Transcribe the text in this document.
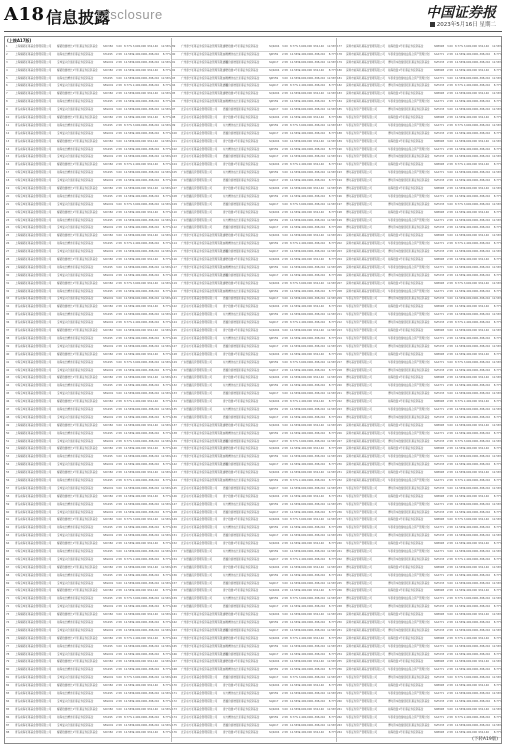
A18 信息披露
Disclosure	中国证券报
2023年5月16日 星期二
(上接A17版)
1	上海耀韬私募基金管理有限公司	耀韬稳健增长1号私募证券投资基金	SXC382	3.00 8.77% 3,600,000 932,140	12.56%
2	上海耀韬私募基金管理有限公司	前海成长精选私募证券投资基金	STL095	2.58 12.56%
2,400,000 1,398,210	8.77%
3	上海耀韬私募基金管理有限公司	宝城复兴价值私募证券投资基金	SEG001	2.58 12.56%
3,600,000 1,398,210 12.56%
4	上海耀韬私募基金管理有限公司	耀韬稳健增长1号私募证券投资基金	SXC382	2.58 12.56%
2,400,000 932,140	8.77%
5	上海耀韬私募基金管理有限公司	前海成长精选私募证券投资基金	STL095	3.00 12.56%
3,600,000 1,398,210 12.56%
6	上海耀韬私募基金管理有限公司	宝城复兴价值私募证券投资基金	SEG001	2.58 8.77% 2,400,000 1,398,210	8.77%
7	上海耀韬私募基金管理有限公司	耀韬稳健增长1号私募证券投资基金	SXC382	2.58 12.56%
3,600,000 932,140	12.56%
8	上海耀韬私募基金管理有限公司	前海成长精选私募证券投资基金	STL095	2.58 12.56%
2,400,000 1,398,210	8.77%
9	青岛前海私募基金管理有限公司	宝城复兴价值私募证券投资基金	SEG001	3.00 12.56%
3,600,000 1,398,210 12.56%
10	青岛前海私募基金管理有限公司	耀韬稳健增长1号私募证券投资基金	SXC382	2.58 12.56%
2,400,000 932,140	8.77%
11	青岛前海私募基金管理有限公司	前海成长精选私募证券投资基金	STL095	2.58 8.77% 3,600,000 1,398,210 12.56%
12	青岛前海私募基金管理有限公司	宝城复兴价值私募证券投资基金	SEG001	2.58 12.56%
2,400,000 1,398,210	8.77%
13	青岛前海私募基金管理有限公司	耀韬稳健增长1号私募证券投资基金	SXC382	3.00 12.56%
3,600,000 932,140	12.56%
14	青岛前海私募基金管理有限公司	前海成长精选私募证券投资基金	STL095	2.58 12.56%
2,400,000 1,398,210	8.77%
15	青岛前海私募基金管理有限公司	宝城复兴价值私募证券投资基金	SEG001	2.58 12.56%
3,600,000 1,398,210 12.56%
16	青岛前海私募基金管理有限公司	耀韬稳健增长1号私募证券投资基金	SXC382	2.58 8.77% 2,400,000 932,140	8.77%
17	中海宝城私募基金管理有限公司	前海成长精选私募证券投资基金	STL095	3.00 12.56%
3,600,000 1,398,210 12.56%
18	中海宝城私募基金管理有限公司	宝城复兴价值私募证券投资基金	SEG001	2.58 12.56%
2,400,000 1,398,210	8.77%
19	中海宝城私募基金管理有限公司	耀韬稳健增长1号私募证券投资基金	SXC382	2.58 12.56%
3,600,000 932,140	12.56%
20	中海宝城私募基金管理有限公司	前海成长精选私募证券投资基金	STL095	2.58 12.56%
2,400,000 1,398,210	8.77%
21	中海宝城私募基金管理有限公司	宝城复兴价值私募证券投资基金	SEG001	3.00 8.77% 3,600,000 1,398,210 12.56%
22	中海宝城私募基金管理有限公司	耀韬稳健增长1号私募证券投资基金	SXC382	2.58 12.56%
2,400,000 932,140	8.77%
23	中海宝城私募基金管理有限公司	前海成长精选私募证券投资基金	STL095	2.58 12.56%
3,600,000 1,398,210 12.56%
24	中海宝城私募基金管理有限公司	宝城复兴价值私募证券投资基金	SEG001	2.58 12.56%
2,400,000 1,398,210	8.77%
25	上海耀韬私募基金管理有限公司	耀韬稳健增长1号私募证券投资基金	SXC382	3.00 12.56%
3,600,000 932,140	12.56%
26	上海耀韬私募基金管理有限公司	前海成长精选私募证券投资基金	STL095	2.58 8.77% 2,400,000 1,398,210	8.77%
27	上海耀韬私募基金管理有限公司	宝城复兴价值私募证券投资基金	SEG001	2.58 12.56%
3,600,000 1,398,210 12.56%
28	上海耀韬私募基金管理有限公司	耀韬稳健增长1号私募证券投资基金	SXC382	2.58 12.56%
2,400,000 932,140	8.77%
29	上海耀韬私募基金管理有限公司	前海成长精选私募证券投资基金	STL095	3.00 12.56%
3,600,000 1,398,210 12.56%
30	上海耀韬私募基金管理有限公司	宝城复兴价值私募证券投资基金	SEG001	2.58 12.56%
2,400,000 1,398,210	8.77%
31	上海耀韬私募基金管理有限公司	耀韬稳健增长1号私募证券投资基金	SXC382	2.58 8.77% 3,600,000 932,140	12.56%
32	上海耀韬私募基金管理有限公司	前海成长精选私募证券投资基金	STL095	2.58 12.56%
2,400,000 1,398,210	8.77%
33	青岛前海私募基金管理有限公司	宝城复兴价值私募证券投资基金	SEG001	3.00 12.56%
3,600,000 1,398,210 12.56%
34	青岛前海私募基金管理有限公司	耀韬稳健增长1号私募证券投资基金	SXC382	2.58 12.56%
2,400,000 932,140	8.77%
35	青岛前海私募基金管理有限公司	前海成长精选私募证券投资基金	STL095	2.58 12.56%
3,600,000 1,398,210 12.56%
36	青岛前海私募基金管理有限公司	宝城复兴价值私募证券投资基金	SEG001	2.58 8.77% 2,400,000 1,398,210	8.77%
37	青岛前海私募基金管理有限公司	耀韬稳健增长1号私募证券投资基金	SXC382	3.00 12.56%
3,600,000 932,140	12.56%
38	青岛前海私募基金管理有限公司	前海成长精选私募证券投资基金	STL095	2.58 12.56%
2,400,000 1,398,210	8.77%
39	青岛前海私募基金管理有限公司	宝城复兴价值私募证券投资基金	SEG001	2.58 12.56%
3,600,000 1,398,210 12.56%
40	青岛前海私募基金管理有限公司	耀韬稳健增长1号私募证券投资基金	SXC382	2.58 12.56%
2,400,000 932,140	8.77%
41	中海宝城私募基金管理有限公司	前海成长精选私募证券投资基金	STL095	3.00 8.77% 3,600,000 1,398,210 12.56%
42	中海宝城私募基金管理有限公司	宝城复兴价值私募证券投资基金	SEG001	2.58 12.56%
2,400,000 1,398,210	8.77%
43	中海宝城私募基金管理有限公司	耀韬稳健增长1号私募证券投资基金	SXC382	2.58 12.56%
3,600,000 932,140	12.56%
44	中海宝城私募基金管理有限公司	前海成长精选私募证券投资基金	STL095	2.58 12.56%
2,400,000 1,398,210	8.77%
45	中海宝城私募基金管理有限公司	宝城复兴价值私募证券投资基金	SEG001	3.00 12.56%
3,600,000 1,398,210 12.56%
46	中海宝城私募基金管理有限公司	耀韬稳健增长1号私募证券投资基金	SXC382	2.58 8.77% 2,400,000 932,140	8.77%
47	中海宝城私募基金管理有限公司	前海成长精选私募证券投资基金	STL095	2.58 12.56%
3,600,000 1,398,210 12.56%
48	中海宝城私募基金管理有限公司	宝城复兴价值私募证券投资基金	SEG001	2.58 12.56%
2,400,000 1,398,210	8.77%
49	上海耀韬私募基金管理有限公司	耀韬稳健增长1号私募证券投资基金	SXC382	3.00 12.56%
3,600,000 932,140	12.56%
50	上海耀韬私募基金管理有限公司	前海成长精选私募证券投资基金	STL095	2.58 12.56%
2,400,000 1,398,210	8.77%
51	上海耀韬私募基金管理有限公司	宝城复兴价值私募证券投资基金	SEG001	2.58 8.77% 3,600,000 1,398,210 12.56%
52	上海耀韬私募基金管理有限公司	耀韬稳健增长1号私募证券投资基金	SXC382	2.58 12.56%
2,400,000 932,140	8.77%
53	上海耀韬私募基金管理有限公司	前海成长精选私募证券投资基金	STL095	3.00 12.56%
3,600,000 1,398,210 12.56%
54	上海耀韬私募基金管理有限公司	宝城复兴价值私募证券投资基金	SEG001	2.58 12.56%
2,400,000 1,398,210	8.77%
55	上海耀韬私募基金管理有限公司	耀韬稳健增长1号私募证券投资基金	SXC382	2.58 12.56%
3,600,000 932,140	12.56%
56	上海耀韬私募基金管理有限公司	前海成长精选私募证券投资基金	STL095	2.58 8.77% 2,400,000 1,398,210	8.77%
57	青岛前海私募基金管理有限公司	宝城复兴价值私募证券投资基金	SEG001	3.00 12.56%
3,600,000 1,398,210 12.56%
58	青岛前海私募基金管理有限公司	耀韬稳健增长1号私募证券投资基金	SXC382	2.58 12.56%
2,400,000 932,140	8.77%
59	青岛前海私募基金管理有限公司	前海成长精选私募证券投资基金	STL095	2.58 12.56%
3,600,000 1,398,210 12.56%
60	青岛前海私募基金管理有限公司	宝城复兴价值私募证券投资基金	SEG001	2.58 12.56%
2,400,000 1,398,210	8.77%
61	青岛前海私募基金管理有限公司	耀韬稳健增长1号私募证券投资基金	SXC382	3.00 8.77% 3,600,000 932,140	12.56%
62	青岛前海私募基金管理有限公司	前海成长精选私募证券投资基金	STL095	2.58 12.56%
2,400,000 1,398,210	8.77%
63	青岛前海私募基金管理有限公司	宝城复兴价值私募证券投资基金	SEG001	2.58 12.56%
3,600,000 1,398,210 12.56%
64	青岛前海私募基金管理有限公司	耀韬稳健增长1号私募证券投资基金	SXC382	2.58 12.56%
2,400,000 932,140	8.77%
65	中海宝城私募基金管理有限公司	前海成长精选私募证券投资基金	STL095	3.00 12.56%
3,600,000 1,398,210 12.56%
66	中海宝城私募基金管理有限公司	宝城复兴价值私募证券投资基金	SEG001	2.58 8.77% 2,400,000 1,398,210	8.77%
67	中海宝城私募基金管理有限公司	耀韬稳健增长1号私募证券投资基金	SXC382	2.58 12.56%
3,600,000 932,140	12.56%
68	中海宝城私募基金管理有限公司	前海成长精选私募证券投资基金	STL095	2.58 12.56%
2,400,000 1,398,210	8.77%
69	中海宝城私募基金管理有限公司	宝城复兴价值私募证券投资基金	SEG001	3.00 12.56%
3,600,000 1,398,210 12.56%
70	中海宝城私募基金管理有限公司	耀韬稳健增长1号私募证券投资基金	SXC382	2.58 12.56%
2,400,000 932,140	8.77%
71	中海宝城私募基金管理有限公司	前海成长精选私募证券投资基金	STL095	2.58 8.77% 3,600,000 1,398,210 12.56%
72	中海宝城私募基金管理有限公司	宝城复兴价值私募证券投资基金	SEG001	2.58 12.56%
2,400,000 1,398,210	8.77%
73	上海耀韬私募基金管理有限公司	耀韬稳健增长1号私募证券投资基金	SXC382	3.00 12.56%
3,600,000 932,140	12.56%
74	上海耀韬私募基金管理有限公司	前海成长精选私募证券投资基金	STL095	2.58 12.56%
2,400,000 1,398,210	8.77%
75	上海耀韬私募基金管理有限公司	宝城复兴价值私募证券投资基金	SEG001	2.58 12.56%
3,600,000 1,398,210 12.56%
76	上海耀韬私募基金管理有限公司	耀韬稳健增长1号私募证券投资基金	SXC382	2.58 8.77% 2,400,000 932,140	8.77%
77	上海耀韬私募基金管理有限公司	前海成长精选私募证券投资基金	STL095	3.00 12.56%
3,600,000 1,398,210 12.56%
78	上海耀韬私募基金管理有限公司	宝城复兴价值私募证券投资基金	SEG001	2.58 12.56%
2,400,000 1,398,210	8.77%
79	上海耀韬私募基金管理有限公司	耀韬稳健增长1号私募证券投资基金	SXC382	2.58 12.56%
3,600,000 932,140	12.56%
80	上海耀韬私募基金管理有限公司	前海成长精选私募证券投资基金	STL095	2.58 12.56%
2,400,000 1,398,210	8.77%
81	青岛前海私募基金管理有限公司	宝城复兴价值私募证券投资基金	SEG001	3.00 8.77% 3,600,000 1,398,210 12.56%
82	青岛前海私募基金管理有限公司	耀韬稳健增长1号私募证券投资基金	SXC382	2.58 12.56%
2,400,000 932,140	8.77%
83	青岛前海私募基金管理有限公司	前海成长精选私募证券投资基金	STL095	2.58 12.56%
3,600,000 1,398,210 12.56%
84	青岛前海私募基金管理有限公司	宝城复兴价值私募证券投资基金	SEG001	2.58 12.56%
2,400,000 1,398,210	8.77%
85	青岛前海私募基金管理有限公司	耀韬稳健增长1号私募证券投资基金	SXC382	3.00 12.56%
3,600,000 932,140	12.56%
86	青岛前海私募基金管理有限公司	前海成长精选私募证券投资基金	STL095	2.58 8.77% 2,400,000 1,398,210	8.77%
87	青岛前海私募基金管理有限公司	宝城复兴价值私募证券投资基金	SEG001	2.58 12.56%
3,600,000 1,398,210 12.56%
88	青岛前海私募基金管理有限公司	耀韬稳健增长1号私募证券投资基金	SXC382	2.58 12.56%
2,400,000 932,140	8.77%
89	广州康宁私募证券投资基金管理有限公司
康宁稳健1号私募证券投资基金	SQK204	3.00 8.77% 3,600,000 932,140	12.56%
90	广州康宁私募证券投资基金管理有限公司
东方精选成长私募证券投资基金	SJR559	2.58 12.56%
2,400,000 1,398,210	8.77%
91	广州康宁私募证券投资基金管理有限公司
德鑫价值增强私募证券投资基金	SGJ617	2.58 12.56%
3,600,000 1,398,210 12.56%
92	广州康宁私募证券投资基金管理有限公司
康宁稳健1号私募证券投资基金	SQK204	2.58 12.56%
2,400,000 932,140	8.77%
93	广州康宁私募证券投资基金管理有限公司
东方精选成长私募证券投资基金	SJR559	3.00 12.56%
3,600,000 1,398,210 12.56%
94	广州康宁私募证券投资基金管理有限公司
德鑫价值增强私募证券投资基金	SGJ617	2.58 8.77% 2,400,000 1,398,210	8.77%
95	广州康宁私募证券投资基金管理有限公司
康宁稳健1号私募证券投资基金	SQK204	2.58 12.56%
3,600,000 932,140	12.56%
96	广州康宁私募证券投资基金管理有限公司
东方精选成长私募证券投资基金	SJR559	2.58 12.56%
2,400,000 1,398,210	8.77%
97	北京东方私募基金管理有限公司	德鑫价值增强私募证券投资基金	SGJ617	3.00 12.56%
3,600,000 1,398,210 12.56%
98	北京东方私募基金管理有限公司	康宁稳健1号私募证券投资基金	SQK204	2.58 12.56%
2,400,000 932,140	8.77%
99	北京东方私募基金管理有限公司	东方精选成长私募证券投资基金	SJR559	2.58 8.77% 3,600,000 1,398,210 12.56%
100	北京东方私募基金管理有限公司	德鑫价值增强私募证券投资基金	SGJ617	2.58 12.56%
2,400,000 1,398,210	8.77%
101	北京东方私募基金管理有限公司	康宁稳健1号私募证券投资基金	SQK204	3.00 12.56%
3,600,000 932,140	12.56%
102	北京东方私募基金管理有限公司	东方精选成长私募证券投资基金	SJR559	2.58 12.56%
2,400,000 1,398,210	8.77%
103	北京东方私募基金管理有限公司	德鑫价值增强私募证券投资基金	SGJ617	2.58 12.56%
3,600,000 1,398,210 12.56%
104	北京东方私募基金管理有限公司	康宁稳健1号私募证券投资基金	SQK204	2.58 8.77% 2,400,000 932,140	8.77%
105	广东德鑫投资管理有限公司	东方精选成长私募证券投资基金	SJR559	3.00 12.56%
3,600,000 1,398,210 12.56%
106	广东德鑫投资管理有限公司	德鑫价值增强私募证券投资基金	SGJ617	2.58 12.56%
2,400,000 1,398,210	8.77%
107	广东德鑫投资管理有限公司	康宁稳健1号私募证券投资基金	SQK204	2.58 12.56%
3,600,000 932,140	12.56%
108	广东德鑫投资管理有限公司	东方精选成长私募证券投资基金	SJR559	2.58 12.56%
2,400,000 1,398,210	8.77%
109	广东德鑫投资管理有限公司	德鑫价值增强私募证券投资基金	SGJ617	3.00 8.77% 3,600,000 1,398,210 12.56%
110	广东德鑫投资管理有限公司	康宁稳健1号私募证券投资基金	SQK204	2.58 12.56%
2,400,000 932,140	8.77%
111	广东德鑫投资管理有限公司	东方精选成长私募证券投资基金	SJR559	2.58 12.56%
3,600,000 1,398,210 12.56%
112	广东德鑫投资管理有限公司	德鑫价值增强私募证券投资基金	SGJ617	2.58 12.56%
2,400,000 1,398,210	8.77%
113	广州康宁私募证券投资基金管理有限公司
康宁稳健1号私募证券投资基金	SQK204	3.00 12.56%
3,600,000 932,140	12.56%
114	广州康宁私募证券投资基金管理有限公司
东方精选成长私募证券投资基金	SJR559	2.58 8.77% 2,400,000 1,398,210	8.77%
115	广州康宁私募证券投资基金管理有限公司
德鑫价值增强私募证券投资基金	SGJ617	2.58 12.56%
3,600,000 1,398,210 12.56%
116	广州康宁私募证券投资基金管理有限公司
康宁稳健1号私募证券投资基金	SQK204	2.58 12.56%
2,400,000 932,140	8.77%
117	广州康宁私募证券投资基金管理有限公司
东方精选成长私募证券投资基金	SJR559	3.00 12.56%
3,600,000 1,398,210 12.56%
118	广州康宁私募证券投资基金管理有限公司
德鑫价值增强私募证券投资基金	SGJ617	2.58 12.56%
2,400,000 1,398,210	8.77%
119	广州康宁私募证券投资基金管理有限公司
康宁稳健1号私募证券投资基金	SQK204	2.58 8.77% 3,600,000 932,140	12.56%
120	广州康宁私募证券投资基金管理有限公司
东方精选成长私募证券投资基金	SJR559	2.58 12.56%
2,400,000 1,398,210	8.77%
121	北京东方私募基金管理有限公司	德鑫价值增强私募证券投资基金	SGJ617	3.00 12.56%
3,600,000 1,398,210 12.56%
122	北京东方私募基金管理有限公司	康宁稳健1号私募证券投资基金	SQK204	2.58 12.56%
2,400,000 932,140	8.77%
123	北京东方私募基金管理有限公司	东方精选成长私募证券投资基金	SJR559	2.58 12.56%
3,600,000 1,398,210 12.56%
124	北京东方私募基金管理有限公司	德鑫价值增强私募证券投资基金	SGJ617	2.58 8.77% 2,400,000 1,398,210	8.77%
125	北京东方私募基金管理有限公司	康宁稳健1号私募证券投资基金	SQK204	3.00 12.56%
3,600,000 932,140	12.56%
126	北京东方私募基金管理有限公司	东方精选成长私募证券投资基金	SJR559	2.58 12.56%
2,400,000 1,398,210	8.77%
127	北京东方私募基金管理有限公司	德鑫价值增强私募证券投资基金	SGJ617	2.58 12.56%
3,600,000 1,398,210 12.56%
128	北京东方私募基金管理有限公司	康宁稳健1号私募证券投资基金	SQK204	2.58 12.56%
2,400,000 932,140	8.77%
129	广东德鑫投资管理有限公司	东方精选成长私募证券投资基金	SJR559	3.00 8.77% 3,600,000 1,398,210 12.56%
130	广东德鑫投资管理有限公司	德鑫价值增强私募证券投资基金	SGJ617	2.58 12.56%
2,400,000 1,398,210	8.77%
131	广东德鑫投资管理有限公司	康宁稳健1号私募证券投资基金	SQK204	2.58 12.56%
3,600,000 932,140	12.56%
132	广东德鑫投资管理有限公司	东方精选成长私募证券投资基金	SJR559	2.58 12.56%
2,400,000 1,398,210	8.77%
133	广东德鑫投资管理有限公司	德鑫价值增强私募证券投资基金	SGJ617	3.00 12.56%
3,600,000 1,398,210 12.56%
134	广东德鑫投资管理有限公司	康宁稳健1号私募证券投资基金	SQK204	2.58 8.77% 2,400,000 932,140	8.77%
135	广东德鑫投资管理有限公司	东方精选成长私募证券投资基金	SJR559	2.58 12.56%
3,600,000 1,398,210 12.56%
136	广东德鑫投资管理有限公司	德鑫价值增强私募证券投资基金	SGJ617	2.58 12.56%
2,400,000 1,398,210	8.77%
137	广州康宁私募证券投资基金管理有限公司
康宁稳健1号私募证券投资基金	SQK204	3.00 12.56%
3,600,000 932,140	12.56%
138	广州康宁私募证券投资基金管理有限公司
东方精选成长私募证券投资基金	SJR559	2.58 12.56%
2,400,000 1,398,210	8.77%
139	广州康宁私募证券投资基金管理有限公司
德鑫价值增强私募证券投资基金	SGJ617	2.58 8.77% 3,600,000 1,398,210 12.56%
140	广州康宁私募证券投资基金管理有限公司
康宁稳健1号私募证券投资基金	SQK204	2.58 12.56%
2,400,000 932,140	8.77%
141	广州康宁私募证券投资基金管理有限公司
东方精选成长私募证券投资基金	SJR559	3.00 12.56%
3,600,000 1,398,210 12.56%
142	广州康宁私募证券投资基金管理有限公司
德鑫价值增强私募证券投资基金	SGJ617	2.58 12.56%
2,400,000 1,398,210	8.77%
143	广州康宁私募证券投资基金管理有限公司
康宁稳健1号私募证券投资基金	SQK204	2.58 12.56%
3,600,000 932,140	12.56%
144	广州康宁私募证券投资基金管理有限公司
东方精选成长私募证券投资基金	SJR559	2.58 8.77% 2,400,000 1,398,210	8.77%
145	北京东方私募基金管理有限公司	德鑫价值增强私募证券投资基金	SGJ617	3.00 12.56%
3,600,000 1,398,210 12.56%
146	北京东方私募基金管理有限公司	康宁稳健1号私募证券投资基金	SQK204	2.58 12.56%
2,400,000 932,140	8.77%
147	北京东方私募基金管理有限公司	东方精选成长私募证券投资基金	SJR559	2.58 12.56%
3,600,000 1,398,210 12.56%
148	北京东方私募基金管理有限公司	德鑫价值增强私募证券投资基金	SGJ617	2.58 12.56%
2,400,000 1,398,210	8.77%
149	北京东方私募基金管理有限公司	康宁稳健1号私募证券投资基金	SQK204	3.00 8.77% 3,600,000 932,140	12.56%
150	北京东方私募基金管理有限公司	东方精选成长私募证券投资基金	SJR559	2.58 12.56%
2,400,000 1,398,210	8.77%
151	北京东方私募基金管理有限公司	德鑫价值增强私募证券投资基金	SGJ617	2.58 12.56%
3,600,000 1,398,210 12.56%
152	北京东方私募基金管理有限公司	康宁稳健1号私募证券投资基金	SQK204	2.58 12.56%
2,400,000 932,140	8.77%
153	广东德鑫投资管理有限公司	东方精选成长私募证券投资基金	SJR559	3.00 12.56%
3,600,000 1,398,210 12.56%
154	广东德鑫投资管理有限公司	德鑫价值增强私募证券投资基金	SGJ617	2.58 8.77% 2,400,000 1,398,210	8.77%
155	广东德鑫投资管理有限公司	康宁稳健1号私募证券投资基金	SQK204	2.58 12.56%
3,600,000 932,140	12.56%
156	广东德鑫投资管理有限公司	东方精选成长私募证券投资基金	SJR559	2.58 12.56%
2,400,000 1,398,210	8.77%
157	广东德鑫投资管理有限公司	德鑫价值增强私募证券投资基金	SGJ617	3.00 12.56%
3,600,000 1,398,210 12.56%
158	广东德鑫投资管理有限公司	康宁稳健1号私募证券投资基金	SQK204	2.58 12.56%
2,400,000 932,140	8.77%
159	广东德鑫投资管理有限公司	东方精选成长私募证券投资基金	SJR559	2.58 8.77% 3,600,000 1,398,210 12.56%
160	广东德鑫投资管理有限公司	德鑫价值增强私募证券投资基金	SGJ617	2.58 12.56%
2,400,000 1,398,210	8.77%
161	广州康宁私募证券投资基金管理有限公司
康宁稳健1号私募证券投资基金	SQK204	3.00 12.56%
3,600,000 932,140	12.56%
162	广州康宁私募证券投资基金管理有限公司
东方精选成长私募证券投资基金	SJR559	2.58 12.56%
2,400,000 1,398,210	8.77%
163	广州康宁私募证券投资基金管理有限公司
德鑫价值增强私募证券投资基金	SGJ617	2.58 12.56%
3,600,000 1,398,210 12.56%
164	广州康宁私募证券投资基金管理有限公司
康宁稳健1号私募证券投资基金	SQK204	2.58 8.77% 2,400,000 932,140	8.77%
165	广州康宁私募证券投资基金管理有限公司
东方精选成长私募证券投资基金	SJR559	3.00 12.56%
3,600,000 1,398,210 12.56%
166	广州康宁私募证券投资基金管理有限公司
德鑫价值增强私募证券投资基金	SGJ617	2.58 12.56%
2,400,000 1,398,210	8.77%
167	广州康宁私募证券投资基金管理有限公司
康宁稳健1号私募证券投资基金	SQK204	2.58 12.56%
3,600,000 932,140	12.56%
168	广州康宁私募证券投资基金管理有限公司
东方精选成长私募证券投资基金	SJR559	2.58 12.56%
2,400,000 1,398,210	8.77%
169	北京东方私募基金管理有限公司	德鑫价值增强私募证券投资基金	SGJ617	3.00 8.77% 3,600,000 1,398,210 12.56%
170	北京东方私募基金管理有限公司	康宁稳健1号私募证券投资基金	SQK204	2.58 12.56%
2,400,000 932,140	8.77%
171	北京东方私募基金管理有限公司	东方精选成长私募证券投资基金	SJR559	2.58 12.56%
3,600,000 1,398,210 12.56%
172	北京东方私募基金管理有限公司	德鑫价值增强私募证券投资基金	SGJ617	2.58 12.56%
2,400,000 1,398,210	8.77%
173	北京东方私募基金管理有限公司	康宁稳健1号私募证券投资基金	SQK204	3.00 12.56%
3,600,000 932,140	12.56%
174	北京东方私募基金管理有限公司	东方精选成长私募证券投资基金	SJR559	2.58 8.77% 2,400,000 1,398,210	8.77%
175	北京东方私募基金管理有限公司	德鑫价值增强私募证券投资基金	SGJ617	2.58 12.56%
3,600,000 1,398,210 12.56%
176	北京东方私募基金管理有限公司	康宁稳健1号私募证券投资基金	SQK204	2.58 12.56%
2,400,000 932,140	8.77%
177	深圳市前海私募基金管理有限公司	前海稳盈1号私募证券投资基金	SNP908	3.00 8.77% 3,600,000 932,140	12.56%
178	深圳市前海私募基金管理有限公司	华泰紫金稳健收益集合资产管理计划	SAX771	2.58 12.56%
2,400,000 1,398,210	8.77%
179	深圳市前海私募基金管理有限公司	博时资本稳健回报私募证券投资基金	SVH233	2.58 12.56%
3,600,000 1,398,210 12.56%
180	深圳市前海私募基金管理有限公司	前海稳盈1号私募证券投资基金	SNP908	2.58 12.56%
2,400,000 932,140	8.77%
181	深圳市前海私募基金管理有限公司	华泰紫金稳健收益集合资产管理计划	SAX771	3.00 12.56%
3,600,000 1,398,210 12.56%
182	深圳市前海私募基金管理有限公司	博时资本稳健回报私募证券投资基金	SVH233	2.58 8.77% 2,400,000 1,398,210	8.77%
183	深圳市前海私募基金管理有限公司	前海稳盈1号私募证券投资基金	SNP908	2.58 12.56%
3,600,000 932,140	12.56%
184	深圳市前海私募基金管理有限公司	华泰紫金稳健收益集合资产管理计划	SAX771	2.58 12.56%
2,400,000 1,398,210	8.77%
185	华泰证券资产管理有限公司	博时资本稳健回报私募证券投资基金	SVH233	3.00 12.56%
3,600,000 1,398,210 12.56%
186	华泰证券资产管理有限公司	前海稳盈1号私募证券投资基金	SNP908	2.58 12.56%
2,400,000 932,140	8.77%
187	华泰证券资产管理有限公司	华泰紫金稳健收益集合资产管理计划	SAX771	2.58 8.77% 3,600,000 1,398,210 12.56%
188	华泰证券资产管理有限公司	博时资本稳健回报私募证券投资基金	SVH233	2.58 12.56%
2,400,000 1,398,210	8.77%
189	华泰证券资产管理有限公司	前海稳盈1号私募证券投资基金	SNP908	3.00 12.56%
3,600,000 932,140	12.56%
190	华泰证券资产管理有限公司	华泰紫金稳健收益集合资产管理计划	SAX771	2.58 12.56%
2,400,000 1,398,210	8.77%
191	华泰证券资产管理有限公司	博时资本稳健回报私募证券投资基金	SVH233	2.58 12.56%
3,600,000 1,398,210 12.56%
192	华泰证券资产管理有限公司	前海稳盈1号私募证券投资基金	SNP908	2.58 8.77% 2,400,000 932,140	8.77%
193	博时基金管理有限公司	华泰紫金稳健收益集合资产管理计划	SAX771	3.00 12.56%
3,600,000 1,398,210 12.56%
194	博时基金管理有限公司	博时资本稳健回报私募证券投资基金	SVH233	2.58 12.56%
2,400,000 1,398,210	8.77%
195	博时基金管理有限公司	前海稳盈1号私募证券投资基金	SNP908	2.58 12.56%
3,600,000 932,140	12.56%
196	博时基金管理有限公司	华泰紫金稳健收益集合资产管理计划	SAX771	2.58 12.56%
2,400,000 1,398,210	8.77%
197	博时基金管理有限公司	博时资本稳健回报私募证券投资基金	SVH233	3.00 8.77% 3,600,000 1,398,210 12.56%
198	博时基金管理有限公司	前海稳盈1号私募证券投资基金	SNP908	2.58 12.56%
2,400,000 932,140	8.77%
199	博时基金管理有限公司	华泰紫金稳健收益集合资产管理计划	SAX771	2.58 12.56%
3,600,000 1,398,210 12.56%
200	博时基金管理有限公司	博时资本稳健回报私募证券投资基金	SVH233	2.58 12.56%
2,400,000 1,398,210	8.77%
201	深圳市前海私募基金管理有限公司	前海稳盈1号私募证券投资基金	SNP908	3.00 12.56%
3,600,000 932,140	12.56%
202	深圳市前海私募基金管理有限公司	华泰紫金稳健收益集合资产管理计划	SAX771	2.58 8.77% 2,400,000 1,398,210	8.77%
203	深圳市前海私募基金管理有限公司	博时资本稳健回报私募证券投资基金	SVH233	2.58 12.56%
3,600,000 1,398,210 12.56%
204	深圳市前海私募基金管理有限公司	前海稳盈1号私募证券投资基金	SNP908	2.58 12.56%
2,400,000 932,140	8.77%
205	深圳市前海私募基金管理有限公司	华泰紫金稳健收益集合资产管理计划	SAX771	3.00 12.56%
3,600,000 1,398,210 12.56%
206	深圳市前海私募基金管理有限公司	博时资本稳健回报私募证券投资基金	SVH233	2.58 12.56%
2,400,000 1,398,210	8.77%
207	深圳市前海私募基金管理有限公司	前海稳盈1号私募证券投资基金	SNP908	2.58 8.77% 3,600,000 932,140	12.56%
208	深圳市前海私募基金管理有限公司	华泰紫金稳健收益集合资产管理计划	SAX771	2.58 12.56%
2,400,000 1,398,210	8.77%
209	华泰证券资产管理有限公司	博时资本稳健回报私募证券投资基金	SVH233	3.00 12.56%
3,600,000 1,398,210 12.56%
210	华泰证券资产管理有限公司	前海稳盈1号私募证券投资基金	SNP908	2.58 12.56%
2,400,000 932,140	8.77%
211	华泰证券资产管理有限公司	华泰紫金稳健收益集合资产管理计划	SAX771	2.58 12.56%
3,600,000 1,398,210 12.56%
212	华泰证券资产管理有限公司	博时资本稳健回报私募证券投资基金	SVH233	2.58 8.77% 2,400,000 1,398,210	8.77%
213	华泰证券资产管理有限公司	前海稳盈1号私募证券投资基金	SNP908	3.00 12.56%
3,600,000 932,140	12.56%
214	华泰证券资产管理有限公司	华泰紫金稳健收益集合资产管理计划	SAX771	2.58 12.56%
2,400,000 1,398,210	8.77%
215	华泰证券资产管理有限公司	博时资本稳健回报私募证券投资基金	SVH233	2.58 12.56%
3,600,000 1,398,210 12.56%
216	华泰证券资产管理有限公司	前海稳盈1号私募证券投资基金	SNP908	2.58 12.56%
2,400,000 932,140	8.77%
217	博时基金管理有限公司	华泰紫金稳健收益集合资产管理计划	SAX771	3.00 8.77% 3,600,000 1,398,210 12.56%
218	博时基金管理有限公司	博时资本稳健回报私募证券投资基金	SVH233	2.58 12.56%
2,400,000 1,398,210	8.77%
219	博时基金管理有限公司	前海稳盈1号私募证券投资基金	SNP908	2.58 12.56%
3,600,000 932,140	12.56%
220	博时基金管理有限公司	华泰紫金稳健收益集合资产管理计划	SAX771	2.58 12.56%
2,400,000 1,398,210	8.77%
221	博时基金管理有限公司	博时资本稳健回报私募证券投资基金	SVH233	3.00 12.56%
3,600,000 1,398,210 12.56%
222	博时基金管理有限公司	前海稳盈1号私募证券投资基金	SNP908	2.58 8.77% 2,400,000 932,140	8.77%
223	博时基金管理有限公司	华泰紫金稳健收益集合资产管理计划	SAX771	2.58 12.56%
3,600,000 1,398,210 12.56%
224	博时基金管理有限公司	博时资本稳健回报私募证券投资基金	SVH233	2.58 12.56%
2,400,000 1,398,210	8.77%
225	深圳市前海私募基金管理有限公司	前海稳盈1号私募证券投资基金	SNP908	3.00 12.56%
3,600,000 932,140	12.56%
226	深圳市前海私募基金管理有限公司	华泰紫金稳健收益集合资产管理计划	SAX771	2.58 12.56%
2,400,000 1,398,210	8.77%
227	深圳市前海私募基金管理有限公司	博时资本稳健回报私募证券投资基金	SVH233	2.58 8.77% 3,600,000 1,398,210 12.56%
228	深圳市前海私募基金管理有限公司	前海稳盈1号私募证券投资基金	SNP908	2.58 12.56%
2,400,000 932,140	8.77%
229	深圳市前海私募基金管理有限公司	华泰紫金稳健收益集合资产管理计划	SAX771	3.00 12.56%
3,600,000 1,398,210 12.56%
230	深圳市前海私募基金管理有限公司	博时资本稳健回报私募证券投资基金	SVH233	2.58 12.56%
2,400,000 1,398,210	8.77%
231	深圳市前海私募基金管理有限公司	前海稳盈1号私募证券投资基金	SNP908	2.58 12.56%
3,600,000 932,140	12.56%
232	深圳市前海私募基金管理有限公司	华泰紫金稳健收益集合资产管理计划	SAX771	2.58 8.77% 2,400,000 1,398,210	8.77%
233	华泰证券资产管理有限公司	博时资本稳健回报私募证券投资基金	SVH233	3.00 12.56%
3,600,000 1,398,210 12.56%
234	华泰证券资产管理有限公司	前海稳盈1号私募证券投资基金	SNP908	2.58 12.56%
2,400,000 932,140	8.77%
235	华泰证券资产管理有限公司	华泰紫金稳健收益集合资产管理计划	SAX771	2.58 12.56%
3,600,000 1,398,210 12.56%
236	华泰证券资产管理有限公司	博时资本稳健回报私募证券投资基金	SVH233	2.58 12.56%
2,400,000 1,398,210	8.77%
237	华泰证券资产管理有限公司	前海稳盈1号私募证券投资基金	SNP908	3.00 8.77% 3,600,000 932,140	12.56%
238	华泰证券资产管理有限公司	华泰紫金稳健收益集合资产管理计划	SAX771	2.58 12.56%
2,400,000 1,398,210	8.77%
239	华泰证券资产管理有限公司	博时资本稳健回报私募证券投资基金	SVH233	2.58 12.56%
3,600,000 1,398,210 12.56%
240	华泰证券资产管理有限公司	前海稳盈1号私募证券投资基金	SNP908	2.58 12.56%
2,400,000 932,140	8.77%
241	博时基金管理有限公司	华泰紫金稳健收益集合资产管理计划	SAX771	3.00 12.56%
3,600,000 1,398,210 12.56%
242	博时基金管理有限公司	博时资本稳健回报私募证券投资基金	SVH233	2.58 8.77% 2,400,000 1,398,210	8.77%
243	博时基金管理有限公司	前海稳盈1号私募证券投资基金	SNP908	2.58 12.56%
3,600,000 932,140	12.56%
244	博时基金管理有限公司	华泰紫金稳健收益集合资产管理计划	SAX771	2.58 12.56%
2,400,000 1,398,210	8.77%
245	博时基金管理有限公司	博时资本稳健回报私募证券投资基金	SVH233	3.00 12.56%
3,600,000 1,398,210 12.56%
246	博时基金管理有限公司	前海稳盈1号私募证券投资基金	SNP908	2.58 12.56%
2,400,000 932,140	8.77%
247	博时基金管理有限公司	华泰紫金稳健收益集合资产管理计划	SAX771	2.58 8.77% 3,600,000 1,398,210 12.56%
248	博时基金管理有限公司	博时资本稳健回报私募证券投资基金	SVH233	2.58 12.56%
2,400,000 1,398,210	8.77%
249	深圳市前海私募基金管理有限公司	前海稳盈1号私募证券投资基金	SNP908	3.00 12.56%
3,600,000 932,140	12.56%
250	深圳市前海私募基金管理有限公司	华泰紫金稳健收益集合资产管理计划	SAX771	2.58 12.56%
2,400,000 1,398,210	8.77%
251	深圳市前海私募基金管理有限公司	博时资本稳健回报私募证券投资基金	SVH233	2.58 12.56%
3,600,000 1,398,210 12.56%
252	深圳市前海私募基金管理有限公司	前海稳盈1号私募证券投资基金	SNP908	2.58 8.77% 2,400,000 932,140	8.77%
253	深圳市前海私募基金管理有限公司	华泰紫金稳健收益集合资产管理计划	SAX771	3.00 12.56%
3,600,000 1,398,210 12.56%
254	深圳市前海私募基金管理有限公司	博时资本稳健回报私募证券投资基金	SVH233	2.58 12.56%
2,400,000 1,398,210	8.77%
255	深圳市前海私募基金管理有限公司	前海稳盈1号私募证券投资基金	SNP908	2.58 12.56%
3,600,000 932,140	12.56%
256	深圳市前海私募基金管理有限公司	华泰紫金稳健收益集合资产管理计划	SAX771	2.58 12.56%
2,400,000 1,398,210	8.77%
257	华泰证券资产管理有限公司	博时资本稳健回报私募证券投资基金	SVH233	3.00 8.77% 3,600,000 1,398,210 12.56%
258	华泰证券资产管理有限公司	前海稳盈1号私募证券投资基金	SNP908	2.58 12.56%
2,400,000 932,140	8.77%
259	华泰证券资产管理有限公司	华泰紫金稳健收益集合资产管理计划	SAX771	2.58 12.56%
3,600,000 1,398,210 12.56%
260	华泰证券资产管理有限公司	博时资本稳健回报私募证券投资基金	SVH233	2.58 12.56%
2,400,000 1,398,210	8.77%
261	华泰证券资产管理有限公司	前海稳盈1号私募证券投资基金	SNP908	3.00 12.56%
3,600,000 932,140	12.56%
262	华泰证券资产管理有限公司	华泰紫金稳健收益集合资产管理计划	SAX771	2.58 8.77% 2,400,000 1,398,210	8.77%
263	华泰证券资产管理有限公司	博时资本稳健回报私募证券投资基金	SVH233	2.58 12.56%
3,600,000 1,398,210 12.56%
264	华泰证券资产管理有限公司	前海稳盈1号私募证券投资基金	SNP908	2.58 12.56%
2,400,000 932,140	8.77%
(下转A19版)
